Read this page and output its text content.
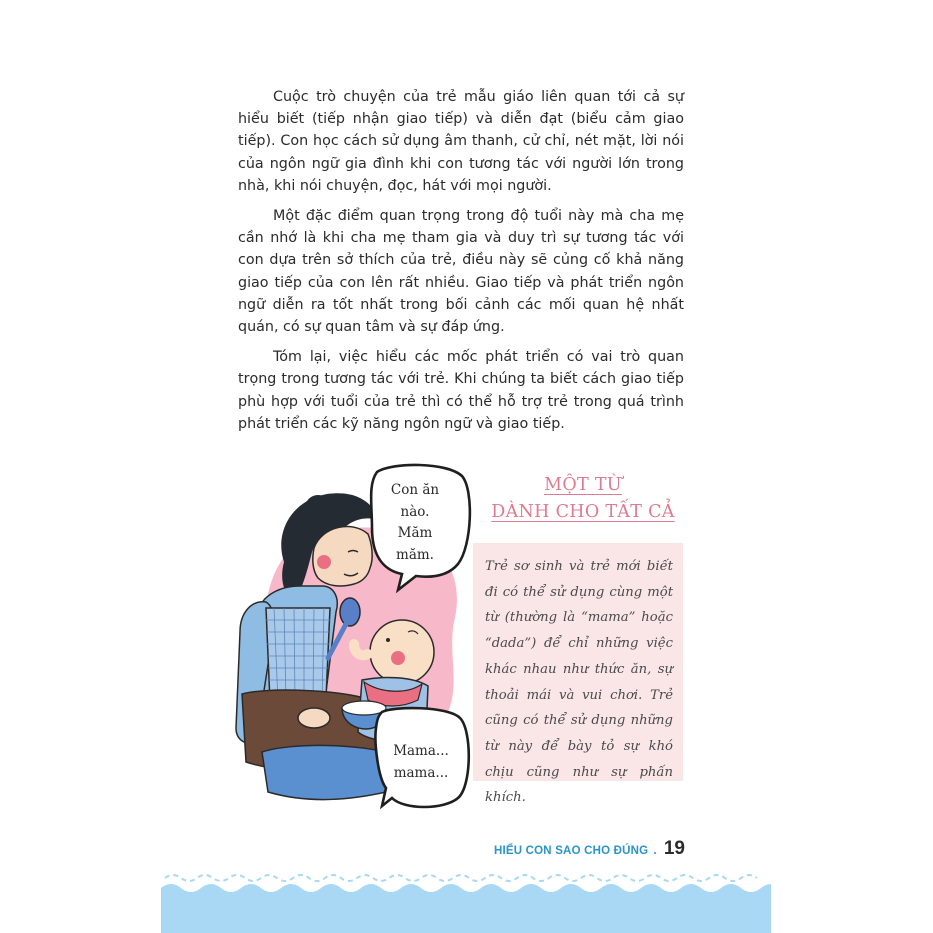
Cuộc trò chuyện của trẻ mẫu giáo liên quan tới cả sự hiểu biết (tiếp nhận giao tiếp) và diễn đạt (biểu cảm giao tiếp). Con học cách sử dụng âm thanh, cử chỉ, nét mặt, lời nói của ngôn ngữ gia đình khi con tương tác với người lớn trong nhà, khi nói chuyện, đọc, hát với mọi người.

Một đặc điểm quan trọng trong độ tuổi này mà cha mẹ cần nhớ là khi cha mẹ tham gia và duy trì sự tương tác với con dựa trên sở thích của trẻ, điều này sẽ củng cố khả năng giao tiếp của con lên rất nhiều. Giao tiếp và phát triển ngôn ngữ diễn ra tốt nhất trong bối cảnh các mối quan hệ nhất quán, có sự quan tâm và sự đáp ứng.

Tóm lại, việc hiểu các mốc phát triển có vai trò quan trọng trong tương tác với trẻ. Khi chúng ta biết cách giao tiếp phù hợp với tuổi của trẻ thì có thể hỗ trợ trẻ trong quá trình phát triển các kỹ năng ngôn ngữ và giao tiếp.

Con ăn
nào.
Măm
măm.
Mama...
mama...
MỘT TỪ
DÀNH CHO TẤT CẢ

Trẻ sơ sinh và trẻ mới biết đi có thể sử dụng cùng một từ (thường là “mama” hoặc “dada”) để chỉ những việc khác nhau như thức ăn, sự thoải mái và vui chơi. Trẻ cũng có thể sử dụng những từ này để bày tỏ sự khó chịu cũng như sự phấn khích.

HIỂU CON SAO CHO ĐÚNG . 19
